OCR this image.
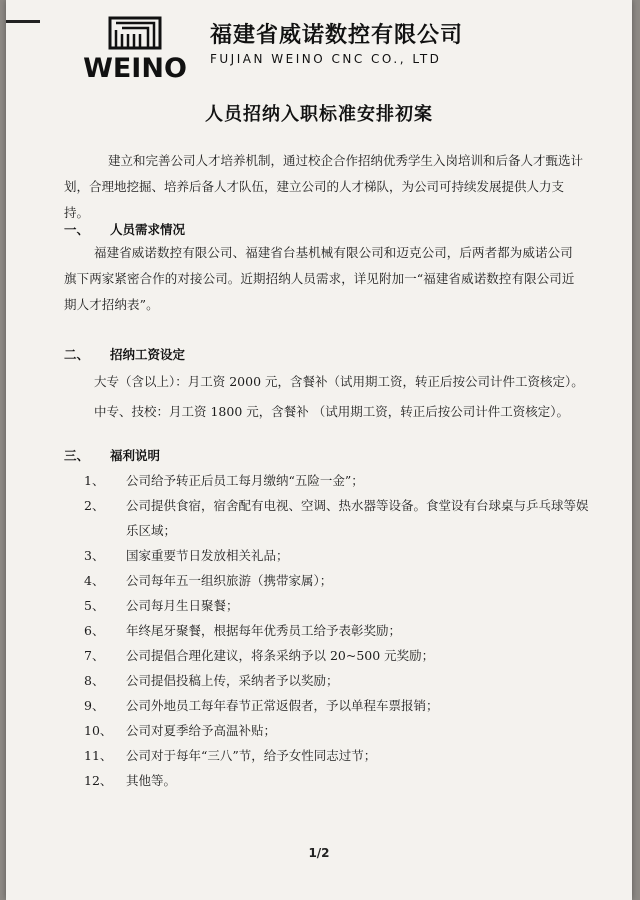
WEINO
福建省威诺数控有限公司
FUJIAN WEINO CNC CO., LTD
人员招纳入职标准安排初案
建立和完善公司人才培养机制，通过校企合作招纳优秀学生入岗培训和后备人才甄选计划，合理地挖掘、培养后备人才队伍，建立公司的人才梯队，为公司可持续发展提供人力支持。
一、 人员需求情况
福建省威诺数控有限公司、福建省台基机械有限公司和迈克公司，后两者都为威诺公司旗下两家紧密合作的对接公司。近期招纳人员需求，详见附加一“福建省威诺数控有限公司近期人才招纳表”。
二、 招纳工资设定
大专（含以上）：月工资 2000 元，含餐补（试用期工资，转正后按公司计件工资核定）。
中专、技校：月工资 1800 元，含餐补 （试用期工资，转正后按公司计件工资核定）。
三、 福利说明
1、	公司给予转正后员工每月缴纳“五险一金”；
2、	公司提供食宿，宿舍配有电视、空调、热水器等设备。食堂设有台球桌与乒乓球等娱乐区域；
3、	国家重要节日发放相关礼品；
4、	公司每年五一组织旅游（携带家属）；
5、	公司每月生日聚餐；
6、	年终尾牙聚餐，根据每年优秀员工给予表彰奖励；
7、	公司提倡合理化建议，将条采纳予以 20~500 元奖励；
8、	公司提倡投稿上传，采纳者予以奖励；
9、	公司外地员工每年春节正常返假者，予以单程车票报销；
10、	公司对夏季给予高温补贴；
11、	公司对于每年“三八”节，给予女性同志过节；
12、	其他等。
1/2
